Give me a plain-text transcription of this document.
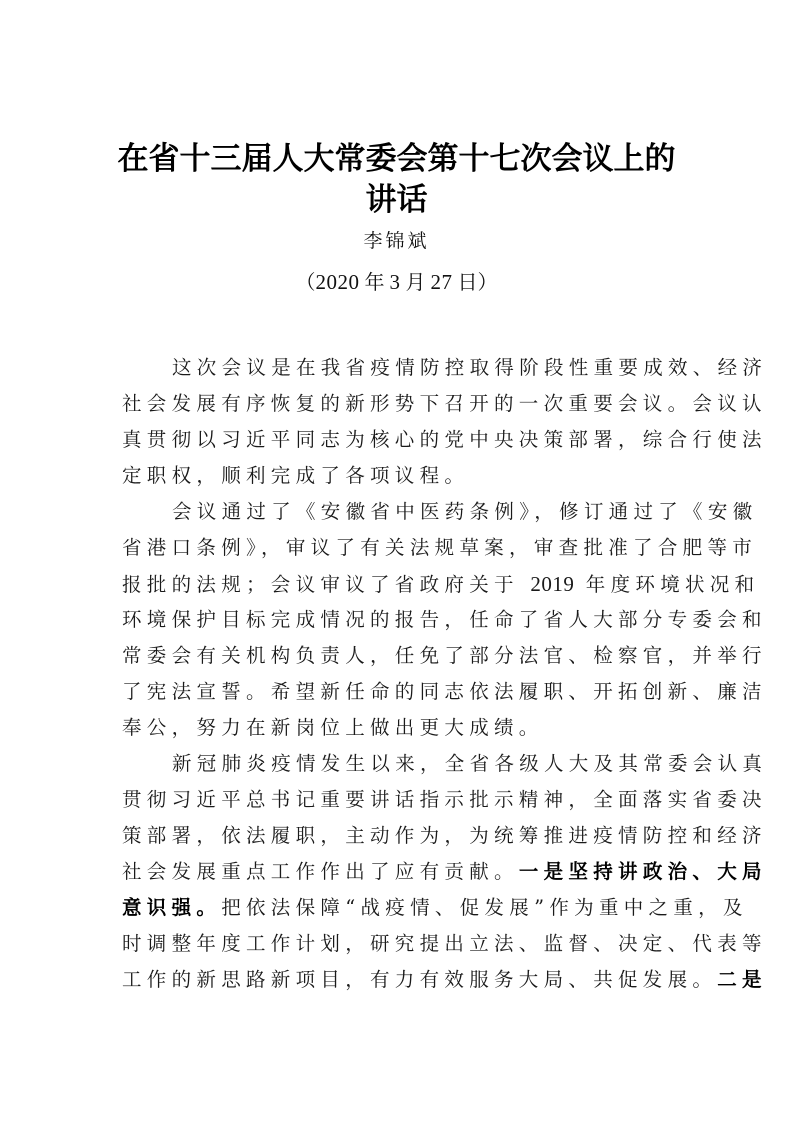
在省十三届人大常委会第十七次会议上的
讲话
李锦斌
（2020 年 3 月 27 日）
这次会议是在我省疫情防控取得阶段性重要成效、经济
社会发展有序恢复的新形势下召开的一次重要会议。会议认
真贯彻以习近平同志为核心的党中央决策部署，综合行使法
定职权，顺利完成了各项议程。
会议通过了《安徽省中医药条例》，修订通过了《安徽
省港口条例》，审议了有关法规草案，审查批准了合肥等市
报批的法规；会议审议了省政府关于 2019 年度环境状况和
环境保护目标完成情况的报告，任命了省人大部分专委会和
常委会有关机构负责人，任免了部分法官、检察官，并举行
了宪法宣誓。希望新任命的同志依法履职、开拓创新、廉洁
奉公，努力在新岗位上做出更大成绩。
新冠肺炎疫情发生以来，全省各级人大及其常委会认真
贯彻习近平总书记重要讲话指示批示精神，全面落实省委决
策部署，依法履职，主动作为，为统筹推进疫情防控和经济
社会发展重点工作作出了应有贡献。一是坚持讲政治、大局
意识强。把依法保障“战疫情、促发展”作为重中之重，及
时调整年度工作计划，研究提出立法、监督、决定、代表等
工作的新思路新项目，有力有效服务大局、共促发展。二是
